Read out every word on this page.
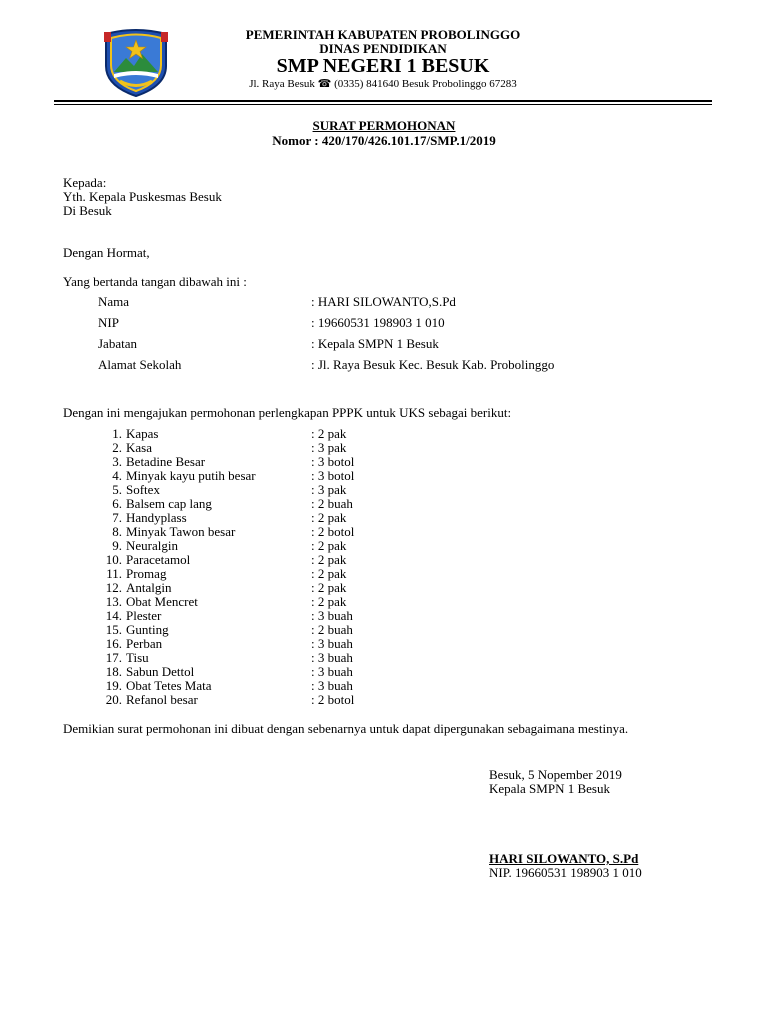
PEMERINTAH KABUPATEN PROBOLINGGO
DINAS PENDIDIKAN
SMP NEGERI 1 BESUK
Jl. Raya Besuk ☎ (0335) 841640 Besuk Probolinggo 67283
SURAT PERMOHONAN
Nomor : 420/170/426.101.17/SMP.1/2019
Kepada:
Yth. Kepala Puskesmas Besuk
Di Besuk
Dengan Hormat,
Yang bertanda tangan dibawah ini :
Nama	: HARI SILOWANTO,S.Pd
NIP	: 19660531 198903 1 010
Jabatan	: Kepala SMPN 1 Besuk
Alamat Sekolah	: Jl. Raya Besuk Kec. Besuk Kab. Probolinggo
Dengan ini mengajukan permohonan perlengkapan PPPK untuk UKS sebagai berikut:
1. Kapas	: 2 pak
2. Kasa	: 3 pak
3. Betadine Besar	: 3 botol
4. Minyak kayu putih besar	: 3 botol
5. Softex	: 3 pak
6. Balsem cap lang	: 2 buah
7. Handyplass	: 2 pak
8. Minyak Tawon besar	: 2 botol
9. Neuralgin	: 2 pak
10. Paracetamol	: 2 pak
11. Promag	: 2 pak
12. Antalgin	: 2 pak
13. Obat Mencret	: 2 pak
14. Plester	: 3 buah
15. Gunting	: 2 buah
16. Perban	: 3 buah
17. Tisu	: 3 buah
18. Sabun Dettol	: 3 buah
19. Obat Tetes Mata	: 3 buah
20. Refanol besar	: 2 botol
Demikian surat permohonan ini dibuat dengan sebenarnya untuk dapat dipergunakan sebagaimana mestinya.
Besuk, 5 Nopember 2019
Kepala SMPN 1 Besuk
HARI SILOWANTO, S.Pd
NIP. 19660531 198903 1 010
